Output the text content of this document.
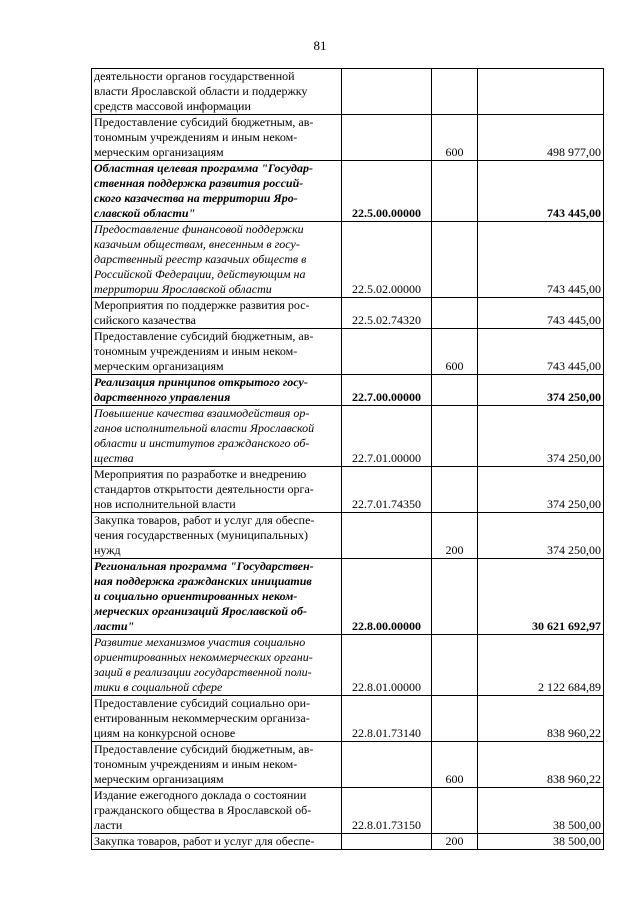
81
деятельности органов государственной
власти Ярославской области и поддержку
средств массовой информации			

Предоставление субсидий бюджетным, ав-
тономным учреждениям и иным неком-
мерческим организациям		600	498 977,00

Областная целевая программа "Государ-
ственная поддержка развития россий-
ского казачества на территории Яро-
славской области"	22.5.00.00000		743 445,00

Предоставление финансовой поддержки
казачьим обществам, внесенным в госу-
дарственный реестр казачьих обществ в
Российской Федерации, действующим на
территории Ярославской области	22.5.02.00000		743 445,00

Мероприятия по поддержке развития рос-
сийского казачества	22.5.02.74320		743 445,00

Предоставление субсидий бюджетным, ав-
тономным учреждениям и иным неком-
мерческим организациям		600	743 445,00

Реализация принципов открытого госу-
дарственного управления	22.7.00.00000		374 250,00

Повышение качества взаимодействия ор-
ганов исполнительной власти Ярославской
области и институтов гражданского об-
щества	22.7.01.00000		374 250,00

Мероприятия по разработке и внедрению
стандартов открытости деятельности орга-
нов исполнительной власти	22.7.01.74350		374 250,00

Закупка товаров, работ и услуг для обеспе-
чения государственных (муниципальных)
нужд		200	374 250,00

Региональная программа "Государствен-
ная поддержка гражданских инициатив
и социально ориентированных неком-
мерческих организаций Ярославской об-
ласти"	22.8.00.00000		30 621 692,97

Развитие механизмов участия социально
ориентированных некоммерческих органи-
заций в реализации государственной поли-
тики в социальной сфере	22.8.01.00000		2 122 684,89

Предоставление субсидий социально ори-
ентированным некоммерческим организа-
циям на конкурсной основе	22.8.01.73140		838 960,22

Предоставление субсидий бюджетным, ав-
тономным учреждениям и иным неком-
мерческим организациям		600	838 960,22

Издание ежегодного доклада о состоянии
гражданского общества в Ярославской об-
ласти	22.8.01.73150		38 500,00

Закупка товаров, работ и услуг для обеспе-		200	38 500,00
